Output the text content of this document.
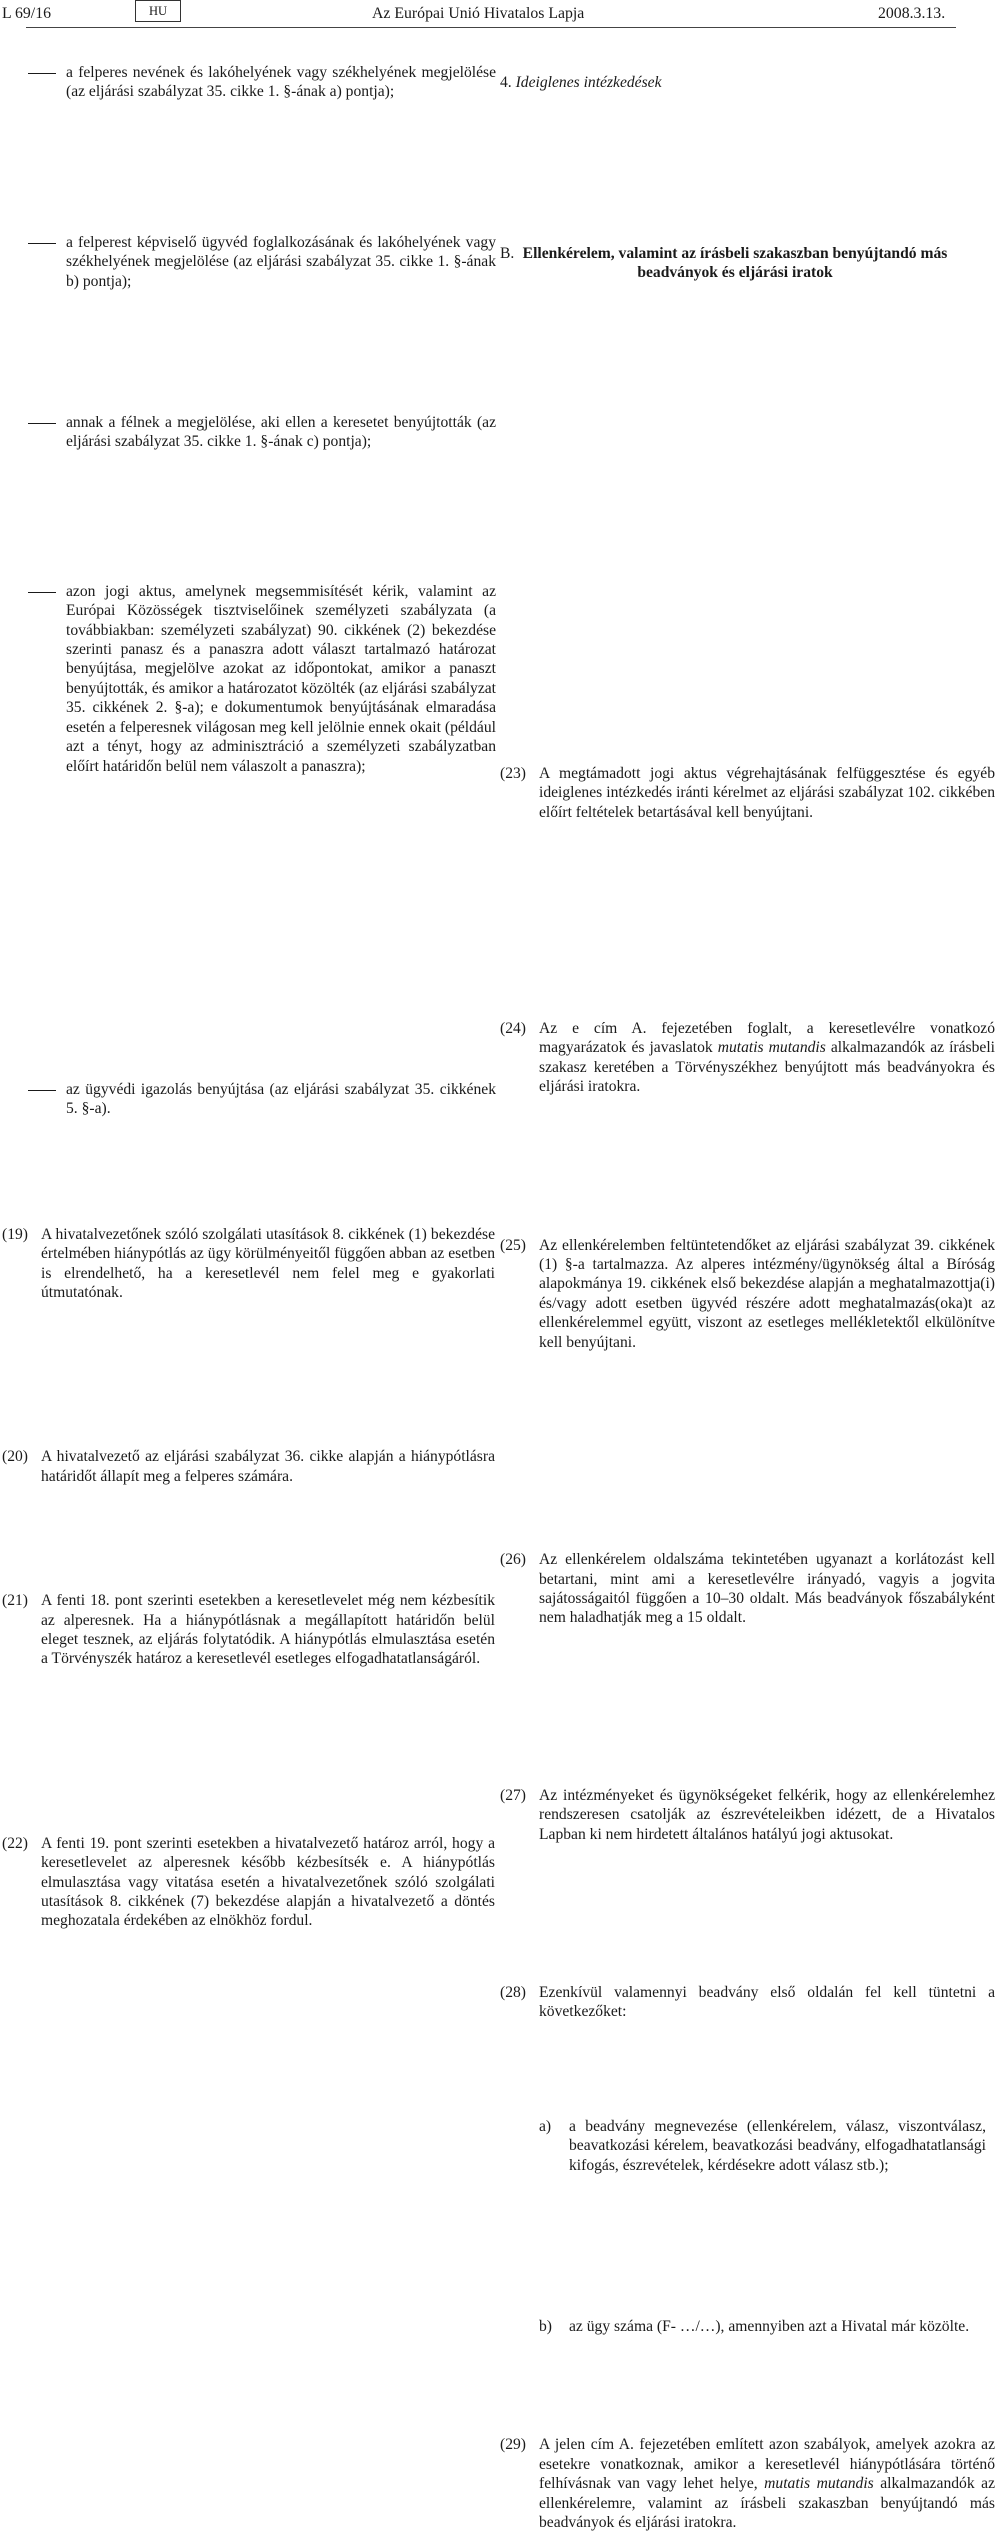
L 69/16	HU	Az Európai Unió Hivatalos Lapja	2008.3.13.

a felperes nevének és lakóhelyének vagy székhelyének megjelölése (az eljárási szabályzat 35. cikke 1. §-ának a) pontja);

a felperest képviselő ügyvéd foglalkozásának és lakóhelyének vagy székhelyének megjelölése (az eljárási szabályzat 35. cikke 1. §-ának b) pontja);

annak a félnek a megjelölése, aki ellen a keresetet benyújtották (az eljárási szabályzat 35. cikke 1. §-ának c) pontja);

azon jogi aktus, amelynek megsemmisítését kérik, valamint az Európai Közösségek tisztviselőinek személyzeti szabályzata (a továbbiakban: személyzeti szabályzat) 90. cikkének (2) bekezdése szerinti panasz és a panaszra adott választ tartalmazó határozat benyújtása, megjelölve azokat az időpontokat, amikor a panaszt benyújtották, és amikor a határozatot közölték (az eljárási szabályzat 35. cikkének 2. §-a); e dokumentumok benyújtásának elmaradása esetén a felperesnek világosan meg kell jelölnie ennek okait (például azt a tényt, hogy az adminisztráció a személyzeti szabályzatban előírt határidőn belül nem válaszolt a panaszra);

az ügyvédi igazolás benyújtása (az eljárási szabályzat 35. cikkének 5. §-a).

(19) A hivatalvezetőnek szóló szolgálati utasítások 8. cikkének (1) bekezdése értelmében hiánypótlás az ügy körülményeitől függően abban az esetben is elrendelhető, ha a keresetlevél nem felel meg e gyakorlati útmutatónak.

(20) A hivatalvezető az eljárási szabályzat 36. cikke alapján a hiánypótlásra határidőt állapít meg a felperes számára.

(21) A fenti 18. pont szerinti esetekben a keresetlevelet még nem kézbesítik az alperesnek. Ha a hiánypótlásnak a megállapított határidőn belül eleget tesznek, az eljárás folytatódik. A hiánypótlás elmulasztása esetén a Törvényszék határoz a keresetlevél esetleges elfogadhatatlanságáról.

(22) A fenti 19. pont szerinti esetekben a hivatalvezető határoz arról, hogy a keresetlevelet az alperesnek később kézbesítsék e. A hiánypótlás elmulasztása vagy vitatása esetén a hivatalvezetőnek szóló szolgálati utasítások 8. cikkének (7) bekezdése alapján a hivatalvezető a döntés meghozatala érdekében az elnökhöz fordul.

4. Ideiglenes intézkedések
(23) A megtámadott jogi aktus végrehajtásának felfüggesztése és egyéb ideiglenes intézkedés iránti kérelmet az eljárási szabályzat 102. cikkében előírt feltételek betartásával kell benyújtani.

B. Ellenkérelem, valamint az írásbeli szakaszban benyújtandó más beadványok és eljárási iratok

(24) Az e cím A. fejezetében foglalt, a keresetlevélre vonatkozó magyarázatok és javaslatok mutatis mutandis alkalmazandók az írásbeli szakasz keretében a Törvényszékhez benyújtott más beadványokra és eljárási iratokra.

(25) Az ellenkérelemben feltüntetendőket az eljárási szabályzat 39. cikkének (1) §-a tartalmazza. Az alperes intézmény/ügynökség által a Bíróság alapokmánya 19. cikkének első bekezdése alapján a meghatalmazottja(i) és/vagy adott esetben ügyvéd részére adott meghatalmazás(oka)t az ellenkérelemmel együtt, viszont az esetleges mellékletektől elkülönítve kell benyújtani.

(26) Az ellenkérelem oldalszáma tekintetében ugyanazt a korlátozást kell betartani, mint ami a keresetlevélre irányadó, vagyis a jogvita sajátosságaitól függően a 10–30 oldalt. Más beadványok főszabályként nem haladhatják meg a 15 oldalt.

(27) Az intézményeket és ügynökségeket felkérik, hogy az ellenkérelemhez rendszeresen csatolják az észrevételeikben idézett, de a Hivatalos Lapban ki nem hirdetett általános hatályú jogi aktusokat.

(28) Ezenkívül valamennyi beadvány első oldalán fel kell tüntetni a következőket:

a) a beadvány megnevezése (ellenkérelem, válasz, viszontválasz, beavatkozási kérelem, beavatkozási beadvány, elfogadhatatlansági kifogás, észrevételek, kérdésekre adott válasz stb.);

b) az ügy száma (F- …/…), amennyiben azt a Hivatal már közölte.

(29) A jelen cím A. fejezetében említett azon szabályok, amelyek azokra az esetekre vonatkoznak, amikor a keresetlevél hiánypótlására történő felhívásnak van vagy lehet helye, mutatis mutandis alkalmazandók az ellenkérelemre, valamint az írásbeli szakaszban benyújtandó más beadványok és eljárási iratokra.
